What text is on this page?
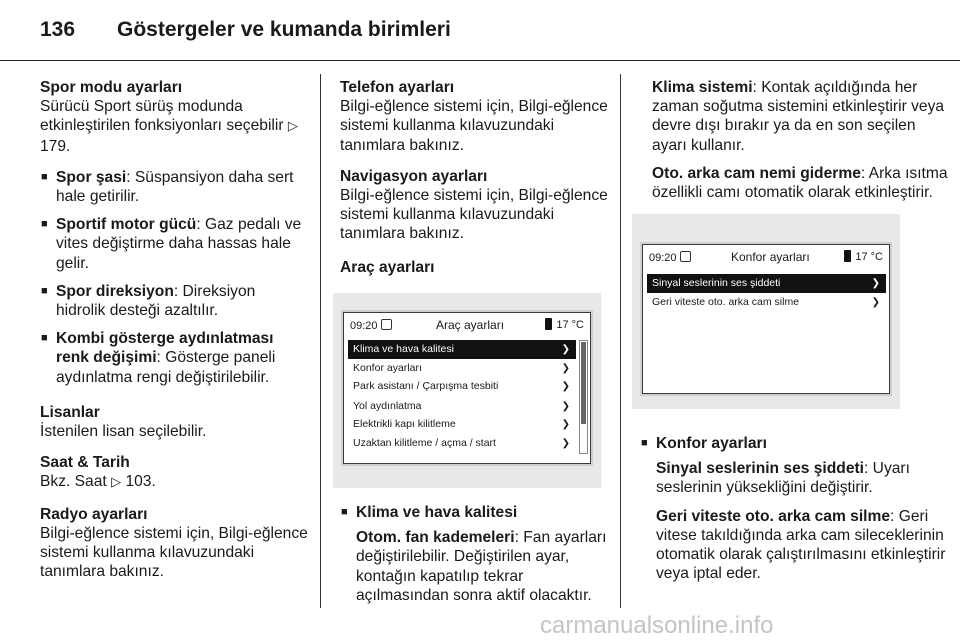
136 Göstergeler ve kumanda birimleri

Spor modu ayarları

Sürücü Sport sürüş modunda etkinleştirilen fonksiyonları seçebilir ▷ 179.

■ Spor şasi: Süspansiyon daha sert hale getirilir.
■ Sportif motor gücü: Gaz pedalı ve vites değiştirme daha hassas hale gelir.
■ Spor direksiyon: Direksiyon hidrolik desteği azaltılır.
■ Kombi gösterge aydınlatması renk değişimi: Gösterge paneli aydınlatma rengi değiştirilebilir.

Lisanlar

İstenilen lisan seçilebilir.

Saat & Tarih

Bkz. Saat ▷ 103.

Radyo ayarları

Bilgi-eğlence sistemi için, Bilgi-eğlence sistemi kullanma kılavuzundaki tanımlara bakınız.

Telefon ayarları

Bilgi-eğlence sistemi için, Bilgi-eğlence sistemi kullanma kılavuzundaki tanımlara bakınız.

Navigasyon ayarları

Bilgi-eğlence sistemi için, Bilgi-eğlence sistemi kullanma kılavuzundaki tanımlara bakınız.

Araç ayarları

09:20	Araç ayarları	17 °C
Klima ve hava kalitesi	❯
Konfor ayarları	❯
Park asistanı / Çarpışma tesbiti	❯
Yol aydınlatma	❯
Elektrikli kapı kilitleme	❯
Uzaktan kilitleme / açma / start	❯
■ Klima ve hava kalitesi

Otom. fan kademeleri: Fan ayarları değiştirilebilir. Değiştirilen ayar, kontağın kapatılıp tekrar açılmasından sonra aktif olacaktır.

Klima sistemi: Kontak açıldığında her zaman soğutma sistemini etkinleştirir veya devre dışı bırakır ya da en son seçilen ayarı kullanır.

Oto. arka cam nemi giderme: Arka ısıtma özellikli camı otomatik olarak etkinleştirir.

09:20	Konfor ayarları	17 °C
Sinyal seslerinin ses şiddeti	❯
Geri viteste oto. arka cam silme	❯
■ Konfor ayarları

Sinyal seslerinin ses şiddeti: Uyarı seslerinin yüksekliğini değiştirir.

Geri viteste oto. arka cam silme: Geri vitese takıldığında arka cam sileceklerinin otomatik olarak çalıştırılmasını etkinleştirir veya iptal eder.

carmanualsonline.info
